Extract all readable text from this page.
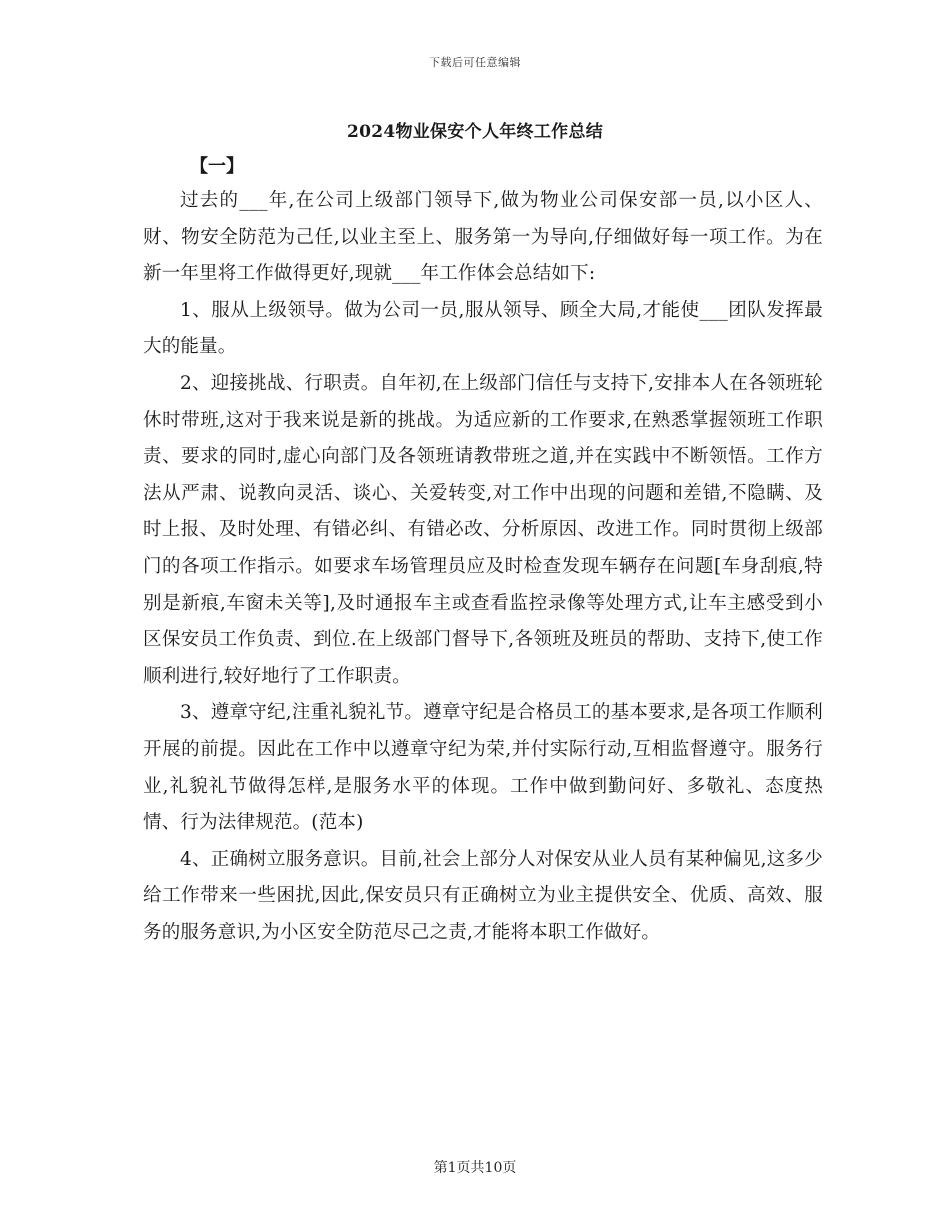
下载后可任意编辑
2024物业保安个人年终工作总结
【一】

过去的___年,在公司上级部门领导下,做为物业公司保安部一员,以小区人、财、物安全防范为己任,以业主至上、服务第一为导向,仔细做好每一项工作。为在新一年里将工作做得更好,现就___年工作体会总结如下:

1、服从上级领导。做为公司一员,服从领导、顾全大局,才能使___团队发挥最大的能量。

2、迎接挑战、行职责。自年初,在上级部门信任与支持下,安排本人在各领班轮休时带班,这对于我来说是新的挑战。为适应新的工作要求,在熟悉掌握领班工作职责、要求的同时,虚心向部门及各领班请教带班之道,并在实践中不断领悟。工作方法从严肃、说教向灵活、谈心、关爱转变,对工作中出现的问题和差错,不隐瞒、及时上报、及时处理、有错必纠、有错必改、分析原因、改进工作。同时贯彻上级部门的各项工作指示。如要求车场管理员应及时检查发现车辆存在问题[车身刮痕,特别是新痕,车窗未关等],及时通报车主或查看监控录像等处理方式,让车主感受到小区保安员工作负责、到位.在上级部门督导下,各领班及班员的帮助、支持下,使工作顺利进行,较好地行了工作职责。

3、遵章守纪,注重礼貌礼节。遵章守纪是合格员工的基本要求,是各项工作顺利开展的前提。因此在工作中以遵章守纪为荣,并付实际行动,互相监督遵守。服务行业,礼貌礼节做得怎样,是服务水平的体现。工作中做到勤问好、多敬礼、态度热情、行为法律规范。(范本)

4、正确树立服务意识。目前,社会上部分人对保安从业人员有某种偏见,这多少给工作带来一些困扰,因此,保安员只有正确树立为业主提供安全、优质、高效、服务的服务意识,为小区安全防范尽己之责,才能将本职工作做好。

第1页共10页
